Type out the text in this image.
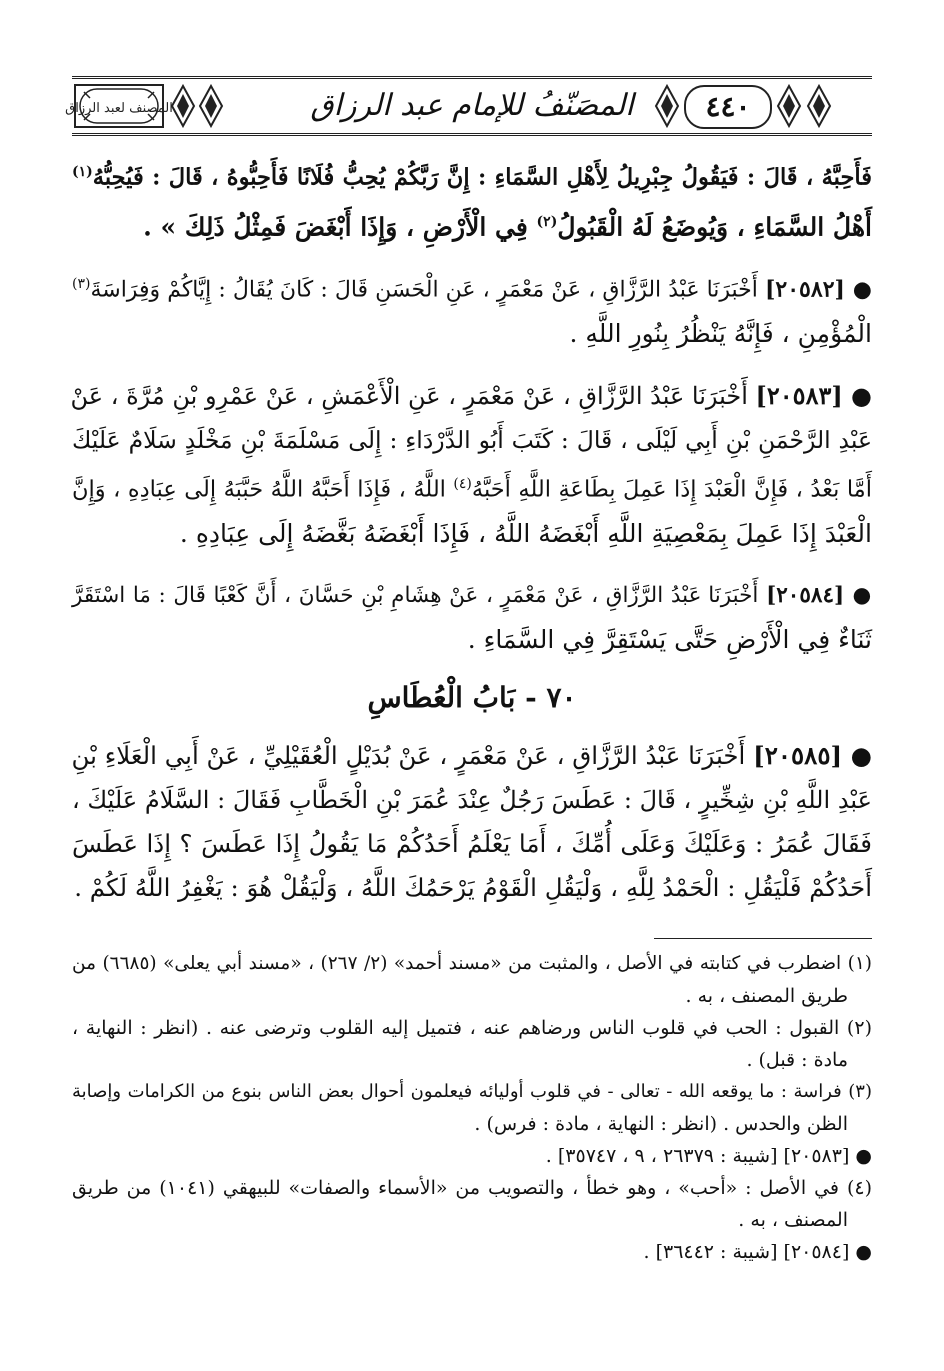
المصنف لعبد الرزاق	المصَنّفُ للإمام عبد الرزاق	٤٤٠
فَأَحِبَّهُ ، قَالَ : فَيَقُولُ جِبْرِيلُ لِأَهْلِ السَّمَاءِ : إِنَّ رَبَّكُمْ يُحِبُّ فُلَانًا فَأَحِبُّوهُ ، قَالَ : فَيُحِبُّهُ$^{(١)}$
أَهْلُ السَّمَاءِ ، وَيُوضَعُ لَهُ الْقَبُولُ$^{(٢)}$ فِي الْأَرْضِ ، وَإِذَا أَبْغَضَ فَمِثْلُ ذَلِكَ » .
● [٢٠٥٨٢] أَخْبَرَنَا عَبْدُ الرَّزَّاقِ ، عَنْ مَعْمَرٍ ، عَنِ الْحَسَنِ قَالَ : كَانَ يُقَالُ : إِيَّاكُمْ وَفِرَاسَةَ$^{(٣)}$
الْمُؤْمِنِ ، فَإِنَّهُ يَنْظُرُ بِنُورِ اللَّهِ .
● [٢٠٥٨٣] أَخْبَرَنَا عَبْدُ الرَّزَّاقِ ، عَنْ مَعْمَرٍ ، عَنِ الْأَعْمَشِ ، عَنْ عَمْرِو بْنِ مُرَّةَ ، عَنْ
عَبْدِ الرَّحْمَنِ بْنِ أَبِي لَيْلَى ، قَالَ : كَتَبَ أَبُو الدَّرْدَاءِ : إِلَى مَسْلَمَةَ بْنِ مَخْلَدٍ سَلَامٌ عَلَيْكَ
أَمَّا بَعْدُ ، فَإِنَّ الْعَبْدَ إِذَا عَمِلَ بِطَاعَةِ اللَّهِ أَحَبَّهُ$^{(٤)}$ اللَّهُ ، فَإِذَا أَحَبَّهُ اللَّهُ حَبَّبَهُ إِلَى عِبَادِهِ ، وَإِنَّ
الْعَبْدَ إِذَا عَمِلَ بِمَعْصِيَةِ اللَّهِ أَبْغَضَهُ اللَّهُ ، فَإِذَا أَبْغَضَهُ بَغَّضَهُ إِلَى عِبَادِهِ .
● [٢٠٥٨٤] أَخْبَرَنَا عَبْدُ الرَّزَّاقِ ، عَنْ مَعْمَرٍ ، عَنْ هِشَامِ بْنِ حَسَّانَ ، أَنَّ كَعْبًا قَالَ : مَا اسْتَقَرَّ
ثَنَاءٌ فِي الْأَرْضِ حَتَّى يَسْتَقِرَّ فِي السَّمَاءِ .
٧٠ - بَابُ الْعُطَاسِ
● [٢٠٥٨٥] أَخْبَرَنَا عَبْدُ الرَّزَّاقِ ، عَنْ مَعْمَرٍ ، عَنْ بُدَيْلٍ الْعُقَيْلِيِّ ، عَنْ أَبِي الْعَلَاءِ بْنِ
عَبْدِ اللَّهِ بْنِ شِخِّيرٍ ، قَالَ : عَطَسَ رَجُلٌ عِنْدَ عُمَرَ بْنِ الْخَطَّابِ فَقَالَ : السَّلَامُ عَلَيْكَ ،
فَقَالَ عُمَرُ : وَعَلَيْكَ وَعَلَى أُمِّكَ ، أَمَا يَعْلَمُ أَحَدُكُمْ مَا يَقُولُ إِذَا عَطَسَ ؟ إِذَا عَطَسَ
أَحَدُكُمْ فَلْيَقُلِ : الْحَمْدُ لِلَّهِ ، وَلْيَقُلِ الْقَوْمُ يَرْحَمُكَ اللَّهُ ، وَلْيَقُلْ هُوَ : يَغْفِرُ اللَّهُ لَكُمْ .
(١) اضطرب في كتابته في الأصل ، والمثبت من «مسند أحمد» (٢/ ٢٦٧) ، «مسند أبي يعلى» (٦٦٨٥) من
طريق المصنف ، به .
(٢) القبول : الحب في قلوب الناس ورضاهم عنه ، فتميل إليه القلوب وترضى عنه . (انظر : النهاية ،
مادة : قبل) .
(٣) فراسة : ما يوقعه الله - تعالى - في قلوب أوليائه فيعلمون أحوال بعض الناس بنوع من الكرامات وإصابة
الظن والحدس . (انظر : النهاية ، مادة : فرس) .
● [٢٠٥٨٣] [شيبة : ٢٦٣٧٩ ، ٩ ، ٣٥٧٤٧] .
(٤) في الأصل : «أحب» ، وهو خطأ ، والتصويب من «الأسماء والصفات» للبيهقي (١٠٤١) من طريق
المصنف ، به .
● [٢٠٥٨٤] [شيبة : ٣٦٤٤٢] .
